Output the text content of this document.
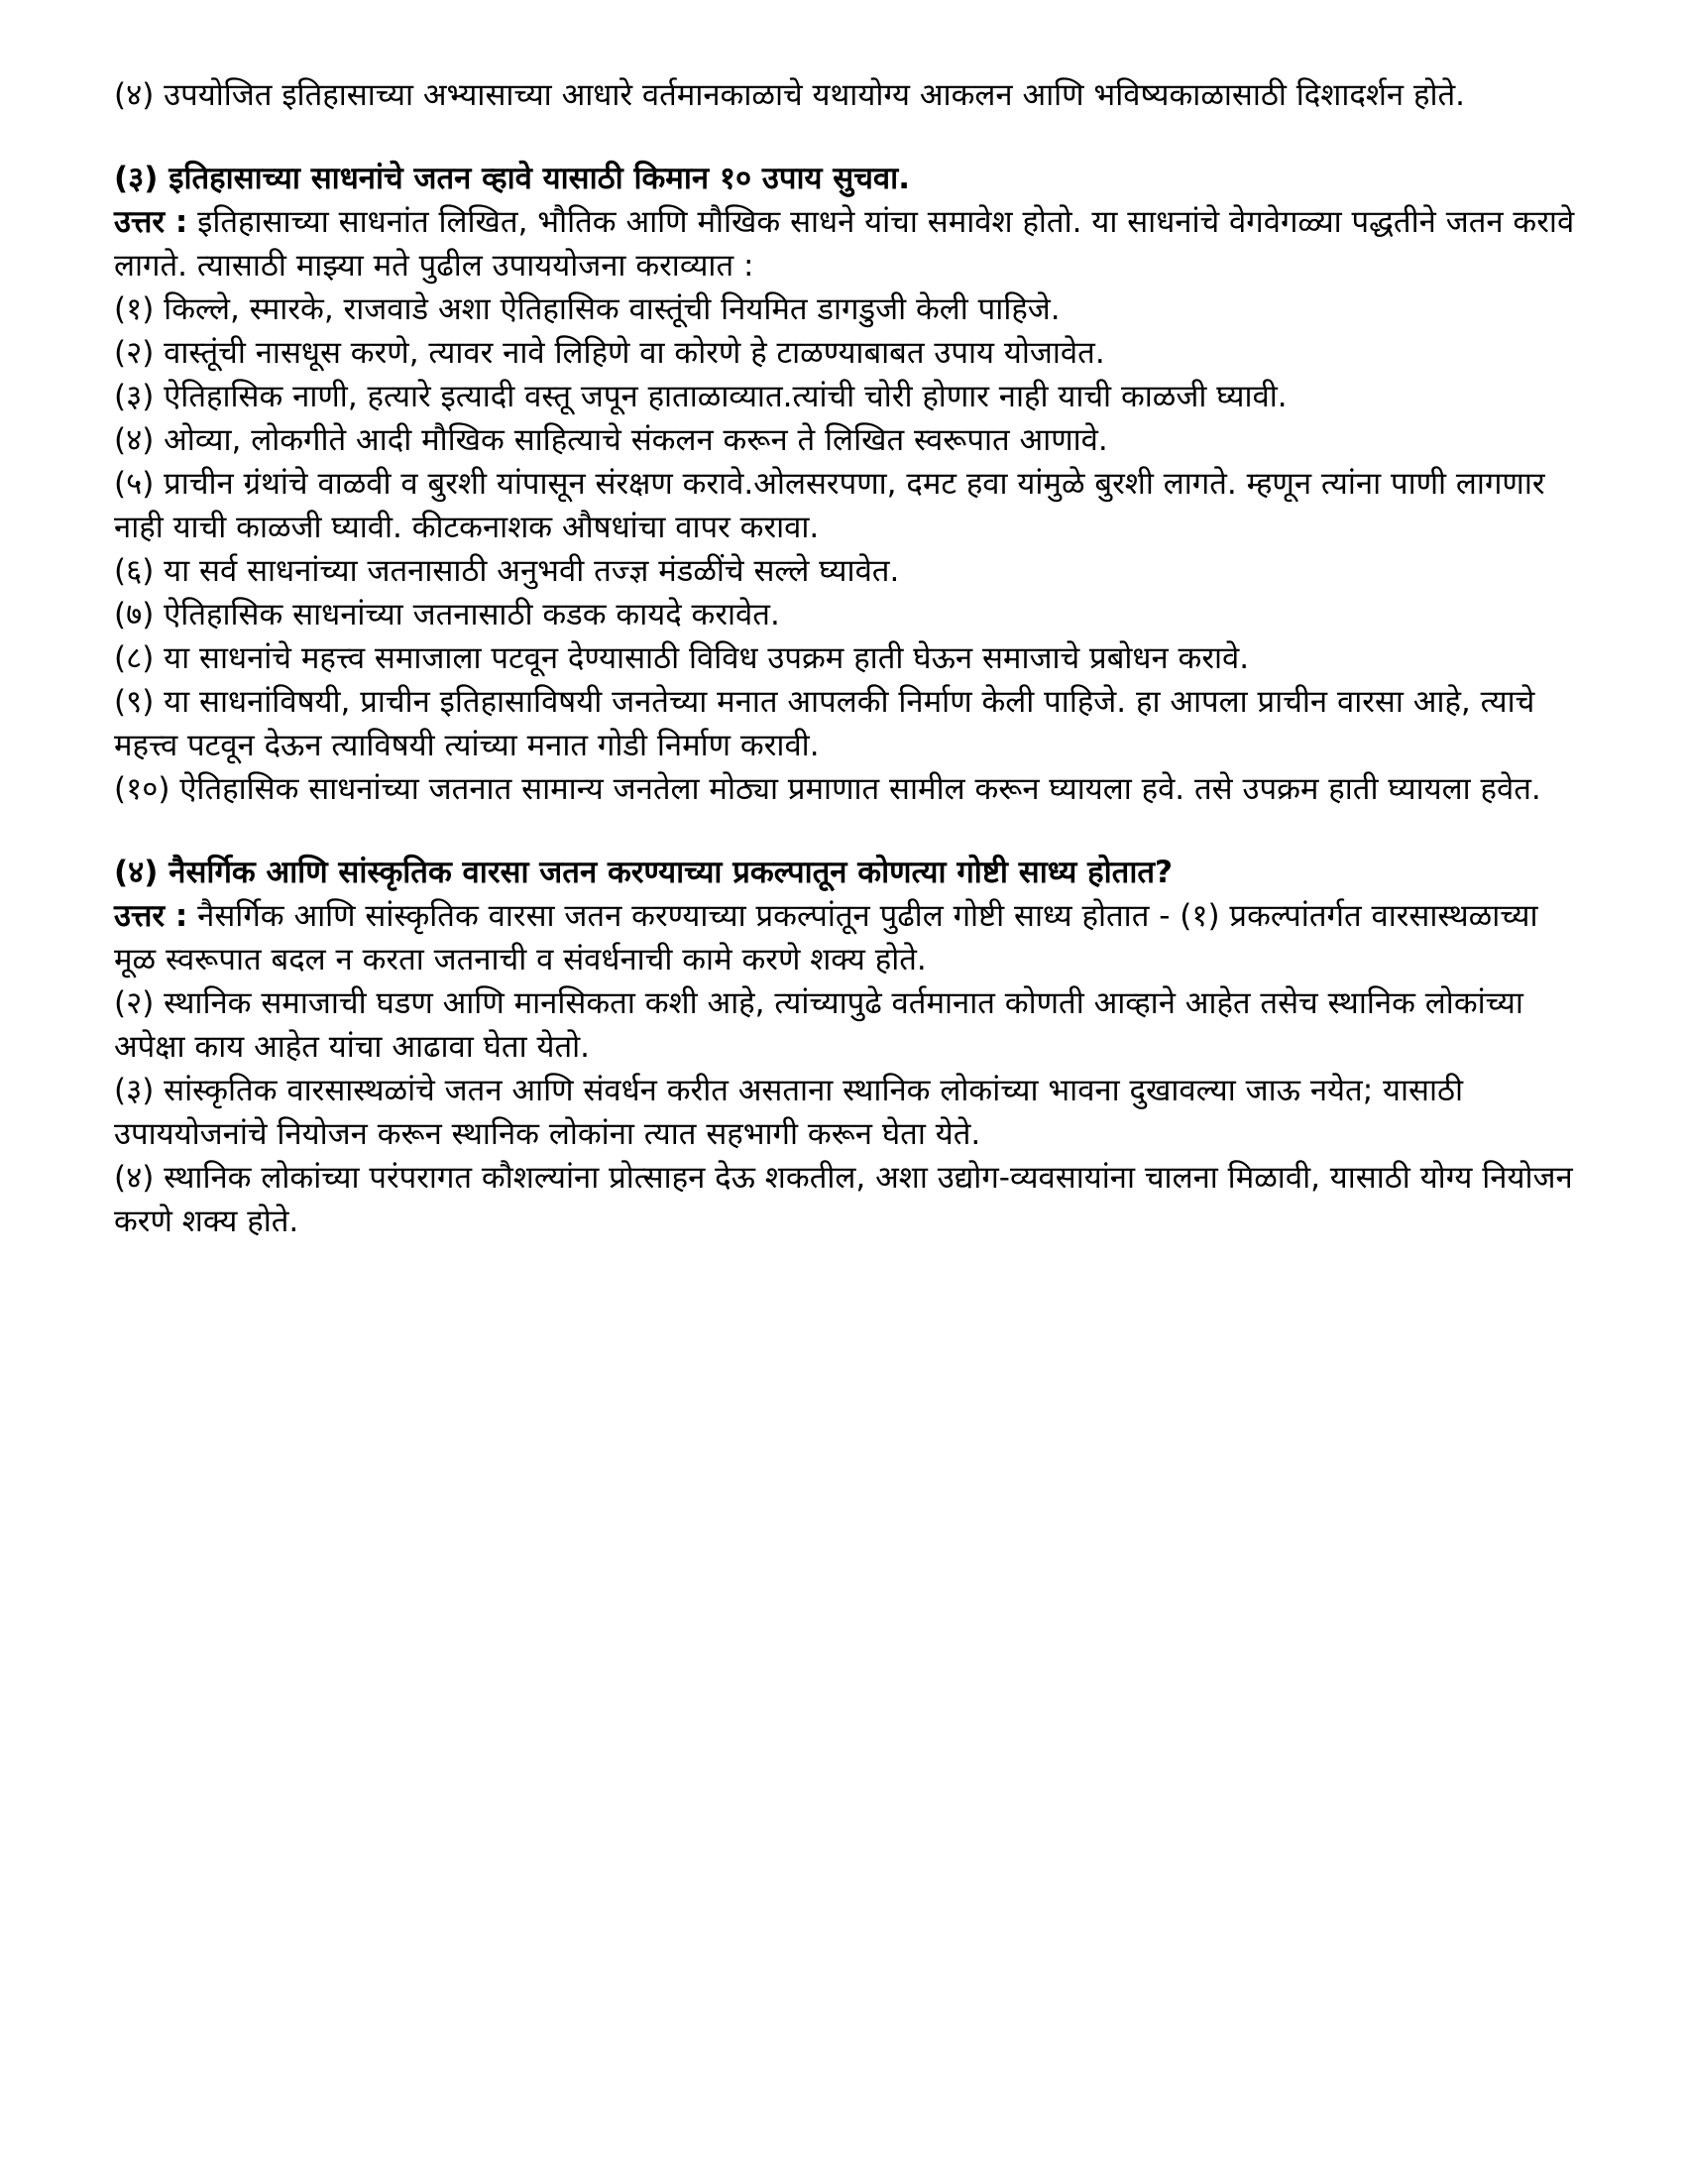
(४) उपयोजित इतिहासाच्या अभ्यासाच्या आधारे वर्तमानकाळाचे यथायोग्य आकलन आणि भविष्यकाळासाठी दिशादर्शन होते.

(३) इतिहासाच्या साधनांचे जतन व्हावे यासाठी किमान १० उपाय सुचवा.

उत्तर : इतिहासाच्या साधनांत लिखित, भौतिक आणि मौखिक साधने यांचा समावेश होतो. या साधनांचे वेगवेगळ्या पद्धतीने जतन करावे लागते. त्यासाठी माझ्या मते पुढील उपाययोजना कराव्यात :

(१) किल्ले, स्मारके, राजवाडे अशा ऐतिहासिक वास्तूंची नियमित डागडुजी केली पाहिजे.

(२) वास्तूंची नासधूस करणे, त्यावर नावे लिहिणे वा कोरणे हे टाळण्याबाबत उपाय योजावेत.

(३) ऐतिहासिक नाणी, हत्यारे इत्यादी वस्तू जपून हाताळाव्यात.त्यांची चोरी होणार नाही याची काळजी घ्यावी.

(४) ओव्या, लोकगीते आदी मौखिक साहित्याचे संकलन करून ते लिखित स्वरूपात आणावे.

(५) प्राचीन ग्रंथांचे वाळवी व बुरशी यांपासून संरक्षण करावे.ओलसरपणा, दमट हवा यांमुळे बुरशी लागते. म्हणून त्यांना पाणी लागणार नाही याची काळजी घ्यावी. कीटकनाशक औषधांचा वापर करावा.

(६) या सर्व साधनांच्या जतनासाठी अनुभवी तज्ज्ञ मंडळींचे सल्ले घ्यावेत.

(७) ऐतिहासिक साधनांच्या जतनासाठी कडक कायदे करावेत.

(८) या साधनांचे महत्त्व समाजाला पटवून देण्यासाठी विविध उपक्रम हाती घेऊन समाजाचे प्रबोधन करावे.

(९) या साधनांविषयी, प्राचीन इतिहासाविषयी जनतेच्या मनात आपलकी निर्माण केली पाहिजे. हा आपला प्राचीन वारसा आहे, त्याचे महत्त्व पटवून देऊन त्याविषयी त्यांच्या मनात गोडी निर्माण करावी.

(१०) ऐतिहासिक साधनांच्या जतनात सामान्य जनतेला मोठ्या प्रमाणात सामील करून घ्यायला हवे. तसे उपक्रम हाती घ्यायला हवेत.

(४) नैसर्गिक आणि सांस्कृतिक वारसा जतन करण्याच्या प्रकल्पातून कोणत्या गोष्टी साध्य होतात?

उत्तर : नैसर्गिक आणि सांस्कृतिक वारसा जतन करण्याच्या प्रकल्पांतून पुढील गोष्टी साध्य होतात - (१) प्रकल्पांतर्गत वारसास्थळाच्या मूळ स्वरूपात बदल न करता जतनाची व संवर्धनाची कामे करणे शक्य होते.

(२) स्थानिक समाजाची घडण आणि मानसिकता कशी आहे, त्यांच्यापुढे वर्तमानात कोणती आव्हाने आहेत तसेच स्थानिक लोकांच्या अपेक्षा काय आहेत यांचा आढावा घेता येतो.

(३) सांस्कृतिक वारसास्थळांचे जतन आणि संवर्धन करीत असताना स्थानिक लोकांच्या भावना दुखावल्या जाऊ नयेत; यासाठी उपाययोजनांचे नियोजन करून स्थानिक लोकांना त्यात सहभागी करून घेता येते.

(४) स्थानिक लोकांच्या परंपरागत कौशल्यांना प्रोत्साहन देऊ शकतील, अशा उद्योग-व्यवसायांना चालना मिळावी, यासाठी योग्य नियोजन करणे शक्य होते.
